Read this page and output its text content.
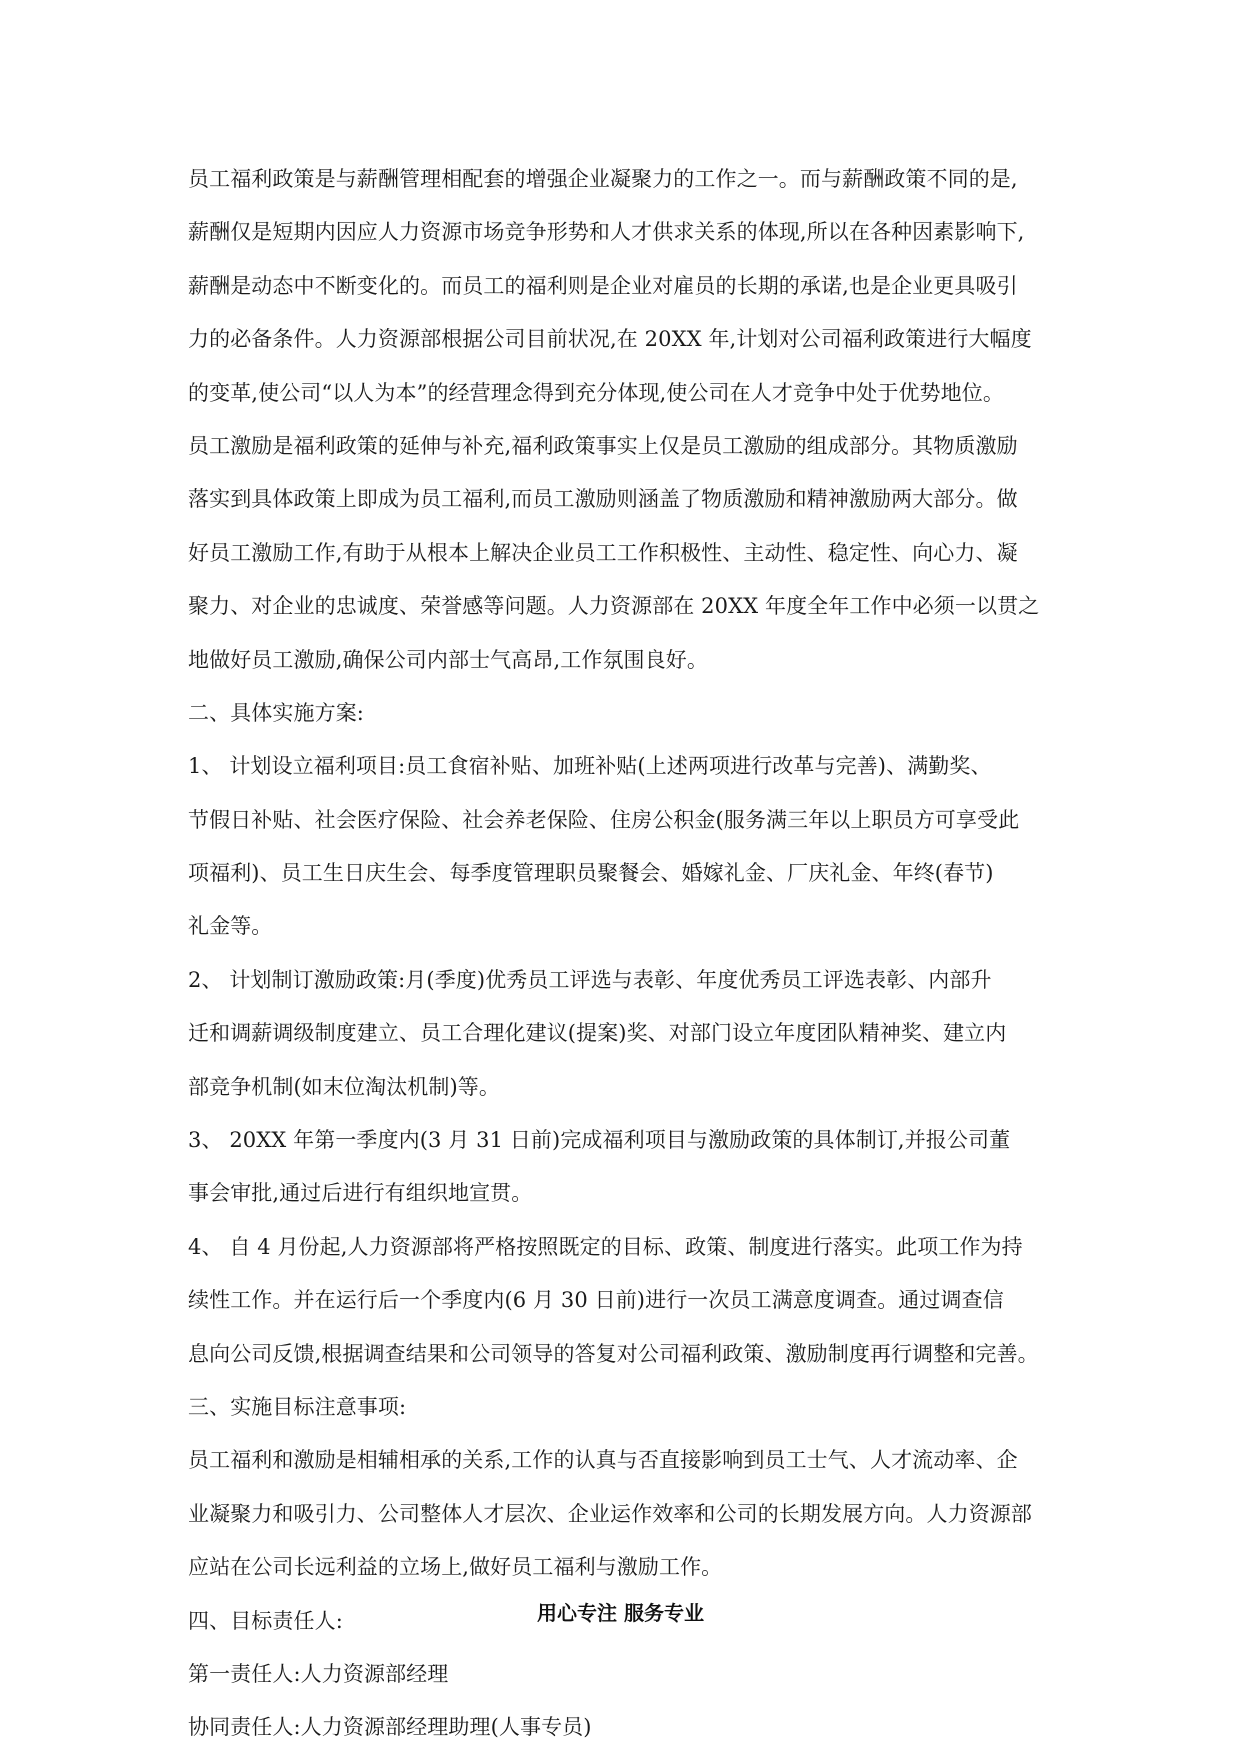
员工福利政策是与薪酬管理相配套的增强企业凝聚力的工作之一。而与薪酬政策不同的是,
薪酬仅是短期内因应人力资源市场竞争形势和人才供求关系的体现,所以在各种因素影响下,
薪酬是动态中不断变化的。而员工的福利则是企业对雇员的长期的承诺,也是企业更具吸引
力的必备条件。人力资源部根据公司目前状况,在 20XX 年,计划对公司福利政策进行大幅度
的变革,使公司“以人为本”的经营理念得到充分体现,使公司在人才竞争中处于优势地位。
员工激励是福利政策的延伸与补充,福利政策事实上仅是员工激励的组成部分。其物质激励
落实到具体政策上即成为员工福利,而员工激励则涵盖了物质激励和精神激励两大部分。做
好员工激励工作,有助于从根本上解决企业员工工作积极性、主动性、稳定性、向心力、凝
聚力、对企业的忠诚度、荣誉感等问题。人力资源部在 20XX 年度全年工作中必须一以贯之
地做好员工激励,确保公司内部士气高昂,工作氛围良好。
二、具体实施方案:
1、 计划设立福利项目:员工食宿补贴、加班补贴(上述两项进行改革与完善)、满勤奖、
节假日补贴、社会医疗保险、社会养老保险、住房公积金(服务满三年以上职员方可享受此
项福利)、员工生日庆生会、每季度管理职员聚餐会、婚嫁礼金、厂庆礼金、年终(春节)
礼金等。
2、 计划制订激励政策:月(季度)优秀员工评选与表彰、年度优秀员工评选表彰、内部升
迁和调薪调级制度建立、员工合理化建议(提案)奖、对部门设立年度团队精神奖、建立内
部竞争机制(如末位淘汰机制)等。
3、 20XX 年第一季度内(3 月 31 日前)完成福利项目与激励政策的具体制订,并报公司董
事会审批,通过后进行有组织地宣贯。
4、 自 4 月份起,人力资源部将严格按照既定的目标、政策、制度进行落实。此项工作为持
续性工作。并在运行后一个季度内(6 月 30 日前)进行一次员工满意度调查。通过调查信
息向公司反馈,根据调查结果和公司领导的答复对公司福利政策、激励制度再行调整和完善。
三、实施目标注意事项:
员工福利和激励是相辅相承的关系,工作的认真与否直接影响到员工士气、人才流动率、企
业凝聚力和吸引力、公司整体人才层次、企业运作效率和公司的长期发展方向。人力资源部
应站在公司长远利益的立场上,做好员工福利与激励工作。
四、目标责任人:
第一责任人:人力资源部经理
协同责任人:人力资源部经理助理(人事专员)
用心专注 服务专业
